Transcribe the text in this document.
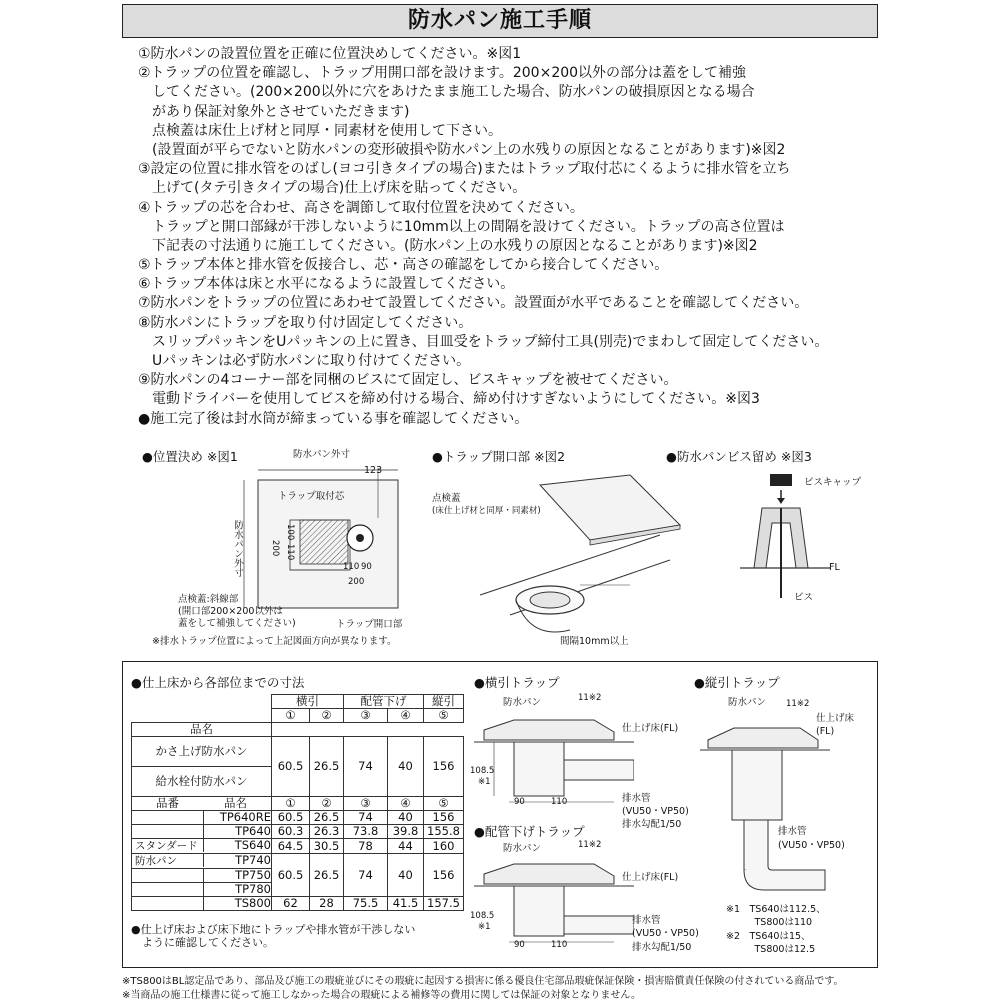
防水パン施工手順
①防水パンの設置位置を正確に位置決めしてください。※図1
②トラップの位置を確認し、トラップ用開口部を設けます。200×200以外の部分は蓋をして補強
　してください。(200×200以外に穴をあけたまま施工した場合、防水パンの破損原因となる場合
　があり保証対象外とさせていただきます)
　点検蓋は床仕上げ材と同厚・同素材を使用して下さい。
　(設置面が平らでないと防水パンの変形破損や防水パン上の水残りの原因となることがあります)※図2
③設定の位置に排水管をのばし(ヨコ引きタイプの場合)またはトラップ取付芯にくるように排水管を立ち
　上げて(タテ引きタイプの場合)仕上げ床を貼ってください。
④トラップの芯を合わせ、高さを調節して取付位置を決めてください。
　トラップと開口部縁が干渉しないように10mm以上の間隔を設けてください。トラップの高さ位置は
　下記表の寸法通りに施工してください。(防水パン上の水残りの原因となることがあります)※図2
⑤トラップ本体と排水管を仮接合し、芯・高さの確認をしてから接合してください。
⑥トラップ本体は床と水平になるように設置してください。
⑦防水パンをトラップの位置にあわせて設置してください。設置面が水平であることを確認してください。
⑧防水パンにトラップを取り付け固定してください。
　スリップパッキンをUパッキンの上に置き、目皿受をトラップ締付工具(別売)でまわして固定してください。
　Uパッキンは必ず防水パンに取り付けてください。
⑨防水パンの4コーナー部を同梱のビスにて固定し、ビスキャップを被せてください。
　電動ドライバーを使用してビスを締め付ける場合、締め付けすぎないようにしてください。※図3
●施工完了後は封水筒が締まっている事を確認してください。
●位置決め ※図1	防水パン外寸
123
トラップ取付芯
防水パン外寸	200
100
110
110 90
200
点検蓋:斜線部
(開口部200×200以外は
蓋をして補強してください)	トラップ開口部
※排水トラップ位置によって上記図面方向が異なります。
●トラップ開口部 ※図2
点検蓋
(床仕上げ材と同厚・同素材)
間隔10mm以上
●防水パンビス留め ※図3
ビスキャップ
FL
ビス
●仕上床から各部位までの寸法
	横引		配管下げ		縦引
	①	②	③	④	⑤
品名					
かさ上げ防水パン	60.5	26.5	74	40	156
給水栓付防水パン					
品番 品名	①	②	③	④	⑤
TP640RE	60.5	26.5	74	40	156
TP640	60.3	26.3	73.8	39.8	155.8
スタンダード TS640	64.5	30.5	78	44	160
防水パン TP740	60.5	26.5	74	40	156
TP750					
TP780					
TS800	62	28	75.5	41.5	157.5
●仕上げ床および床下地にトラップや排水管が干渉しない
　ように確認してください。
●横引トラップ
防水パン	11※2
仕上げ床(FL)
108.5
※1
90	110	排水管
(VU50・VP50)
排水勾配1/50
●配管下げトラップ
防水パン	11※2
仕上げ床(FL)
108.5
※1
90	110
排水管
(VU50・VP50)
排水勾配1/50
●縦引トラップ
防水パン 11※2
仕上げ床
(FL)
排水管
(VU50・VP50)
※1　TS640は112.5、
　　　TS800は110
※2　TS640は15、
　　　TS800は12.5
※TS800はBL認定品であり、部品及び施工の瑕疵並びにその瑕疵に起因する損害に係る優良住宅部品瑕疵保証保険・損害賠償責任保険の付されている商品です。
※当商品の施工仕様書に従って施工しなかった場合の瑕疵による補修等の費用に関しては保証の対象となりません。
